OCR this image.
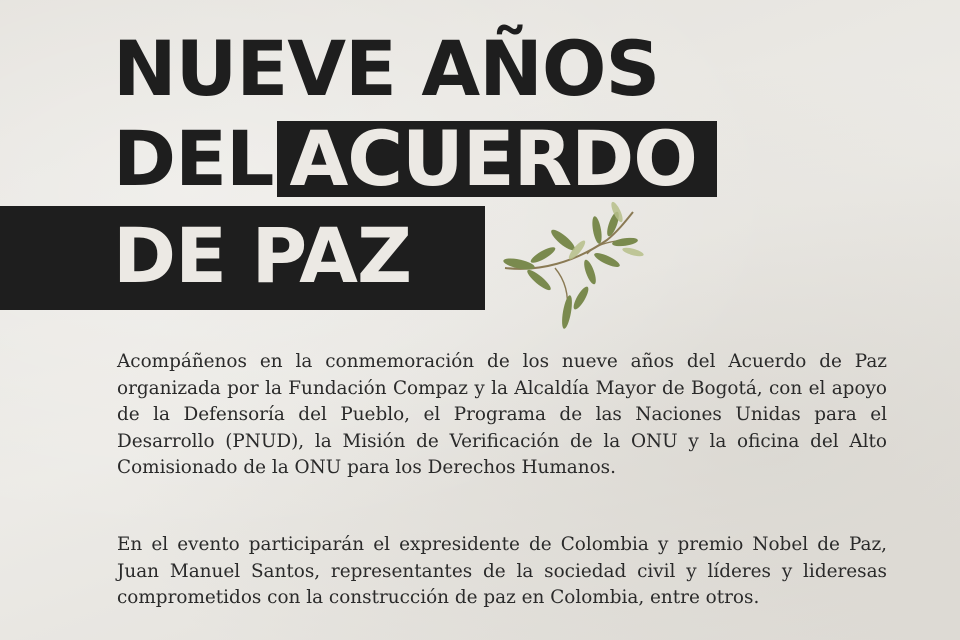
NUEVE AÑOS
DEL ACUERDO
DE PAZ

Acompáñenos en la conmemoración de los nueve años del Acuerdo de Paz organizada por la Fundación Compaz y la Alcaldía Mayor de Bogotá, con el apoyo de la Defensoría del Pueblo, el Programa de las Naciones Unidas para el Desarrollo (PNUD), la Misión de Verificación de la ONU y la oficina del Alto Comisionado de la ONU para los Derechos Humanos.

En el evento participarán el expresidente de Colombia y premio Nobel de Paz, Juan Manuel Santos, representantes de la sociedad civil y líderes y lideresas comprometidos con la construcción de paz en Colombia, entre otros.
